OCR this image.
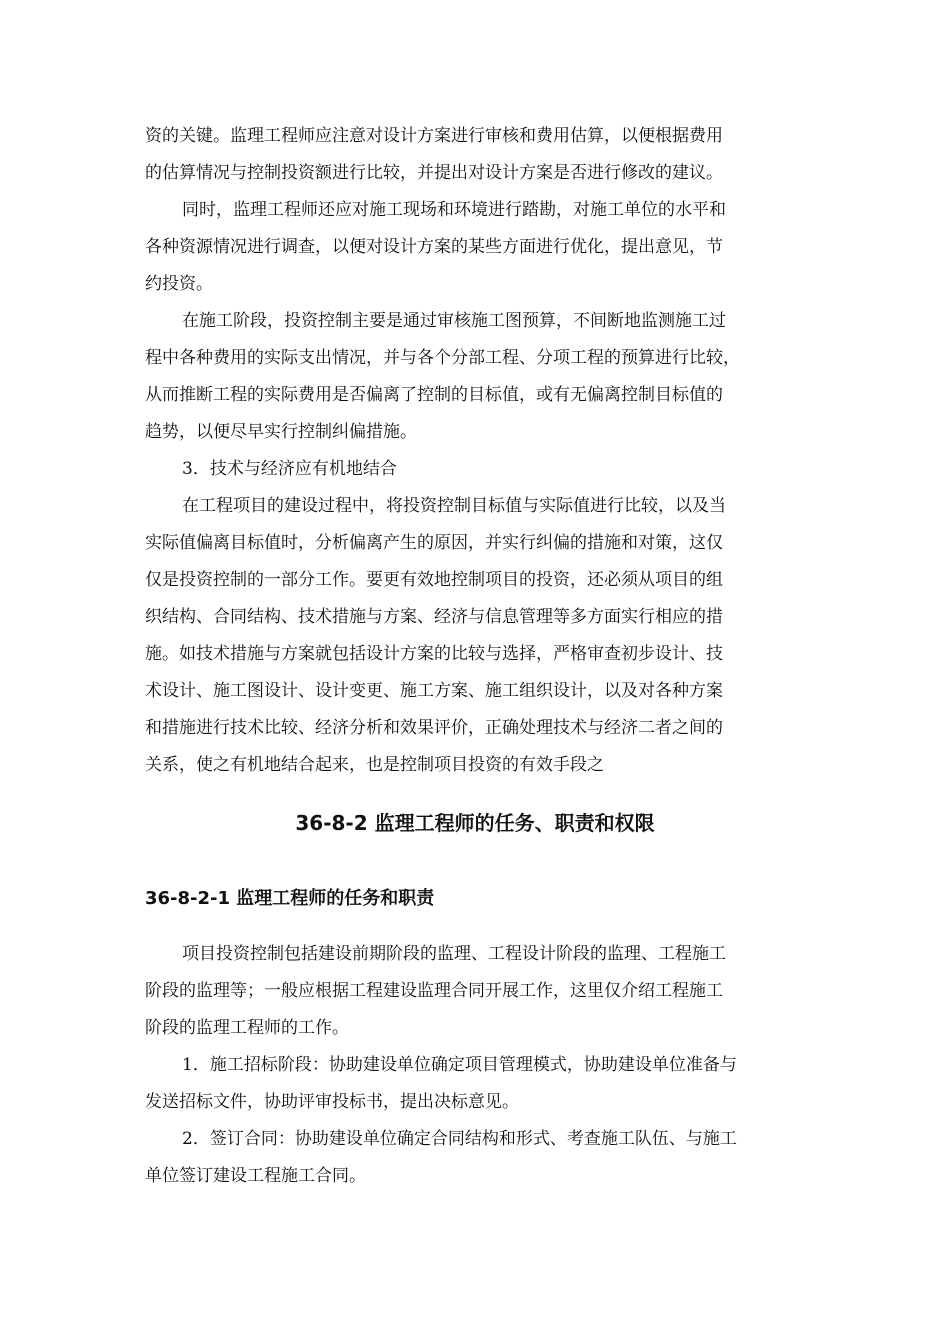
资的关键。监理工程师应注意对设计方案进行审核和费用估算，以便根据费用
的估算情况与控制投资额进行比较，并提出对设计方案是否进行修改的建议。
同时，监理工程师还应对施工现场和环境进行踏勘，对施工单位的水平和
各种资源情况进行调查，以便对设计方案的某些方面进行优化，提出意见，节
约投资。
在施工阶段，投资控制主要是通过审核施工图预算，不间断地监测施工过
程中各种费用的实际支出情况，并与各个分部工程、分项工程的预算进行比较，
从而推断工程的实际费用是否偏离了控制的目标值，或有无偏离控制目标值的
趋势，以便尽早实行控制纠偏措施。
3．技术与经济应有机地结合
在工程项目的建设过程中，将投资控制目标值与实际值进行比较，以及当
实际值偏离目标值时，分析偏离产生的原因，并实行纠偏的措施和对策，这仅
仅是投资控制的一部分工作。要更有效地控制项目的投资，还必须从项目的组
织结构、合同结构、技术措施与方案、经济与信息管理等多方面实行相应的措
施。如技术措施与方案就包括设计方案的比较与选择，严格审查初步设计、技
术设计、施工图设计、设计变更、施工方案、施工组织设计，以及对各种方案
和措施进行技术比较、经济分析和效果评价，正确处理技术与经济二者之间的
关系，使之有机地结合起来，也是控制项目投资的有效手段之
36-8-2 监理工程师的任务、职责和权限
36-8-2-1 监理工程师的任务和职责
项目投资控制包括建设前期阶段的监理、工程设计阶段的监理、工程施工
阶段的监理等；一般应根据工程建设监理合同开展工作，这里仅介绍工程施工
阶段的监理工程师的工作。
1．施工招标阶段：协助建设单位确定项目管理模式，协助建设单位准备与
发送招标文件，协助评审投标书，提出决标意见。
2．签订合同：协助建设单位确定合同结构和形式、考查施工队伍、与施工
单位签订建设工程施工合同。
